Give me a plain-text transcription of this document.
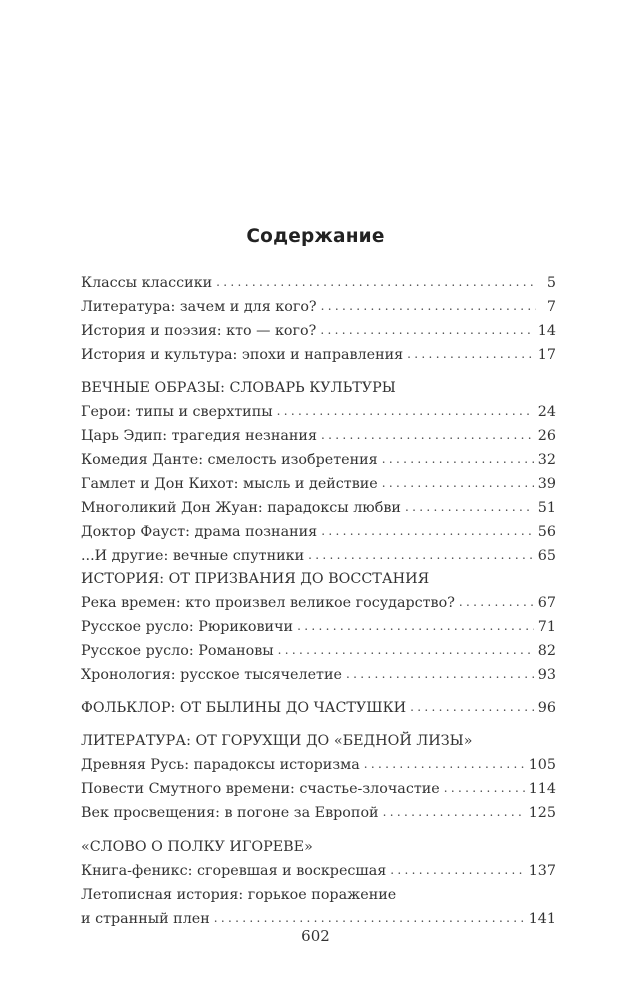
Содержание
Классы классики . . .	5
Литература: зачем и для кого? . . .	7
История и поэзия: кто — кого? . . .	14
История и культура: эпохи и направления . . .	17
ВЕЧНЫЕ ОБРАЗЫ: СЛОВАРЬ КУЛЬТУРЫ
Герои: типы и сверхтипы . . .	24
Царь Эдип: трагедия незнания . . .	26
Комедия Данте: смелость изобретения . . .	32
Гамлет и Дон Кихот: мысль и действие . . .	39
Многоликий Дон Жуан: парадоксы любви . . .	51
Доктор Фауст: драма познания . . .	56
...И другие: вечные спутники . . .	65
ИСТОРИЯ: ОТ ПРИЗВАНИЯ ДО ВОССТАНИЯ
Река времен: кто произвел великое государство? . . .	67
Русское русло: Рюриковичи . . .	71
Русское русло: Романовы . . .	82
Хронология: русское тысячелетие . . .	93
ФОЛЬКЛОР: ОТ БЫЛИНЫ ДО ЧАСТУШКИ . . .	96
ЛИТЕРАТУРА: ОТ ГОРУХЩИ ДО «БЕДНОЙ ЛИЗЫ»
Древняя Русь: парадоксы историзма . . .	105
Повести Смутного времени: счастье-злочастие . . .	114
Век просвещения: в погоне за Европой . . .	125
«СЛОВО О ПОЛКУ ИГОРЕВЕ»
Книга-феникс: сгоревшая и воскресшая . . .	137
Летописная история: горькое поражение
и странный плен . . .	141
602
